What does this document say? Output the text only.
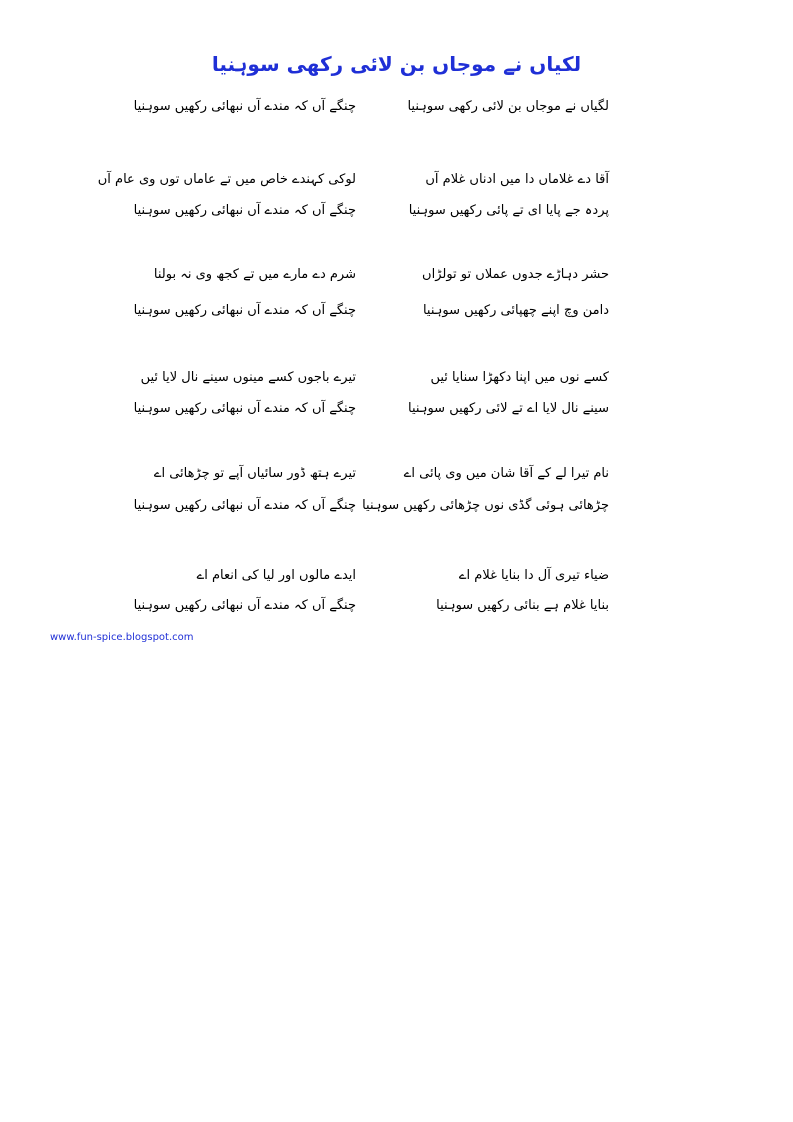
لکیاں نے موجاں بن لائی رکھی سوہنیا
لگیاں نے موجاں بن لائی رکھی سوہنیا
چنگے آں کہ مندے آں نبھائی رکھیں سوہنیا
آقا دے غلاماں دا میں ادناں غلام آں
لوکی کہندے خاص میں تے عاماں توں وی عام آں
پردہ جے پایا ای تے پائی رکھیں سوہنیا
چنگے آں کہ مندے آں نبھائی رکھیں سوہنیا
حشر دہاڑے جدوں عملاں تو تولڑاں
شرم دے مارے میں تے کجھ وی نہ بولنا
دامن وچ اپنے چھپائی رکھیں سوہنیا
چنگے آں کہ مندے آں نبھائی رکھیں سوہنیا
کسے نوں میں اپنا دکھڑا سنایا ئیں
تیرے باجوں کسے مینوں سینے نال لایا ئیں
سینے نال لایا اے تے لائی رکھیں سوہنیا
چنگے آں کہ مندے آں نبھائی رکھیں سوہنیا
نام تیرا لے کے آقا شان میں وی پائی اے
تیرے ہتھ ڈور سائیاں آپے تو چڑھائی اے
چڑھائی ہوئی گڈی نوں چڑھائی رکھیں سوہنیا
چنگے آں کہ مندے آں نبھائی رکھیں سوہنیا
ضیاء تیری آل دا بنایا غلام اے
ایدے مالوں اور لیا کی انعام اے
بنایا غلام ہے بنائی رکھیں سوہنیا
چنگے آں کہ مندے آں نبھائی رکھیں سوہنیا
www.fun-spice.blogspot.com
